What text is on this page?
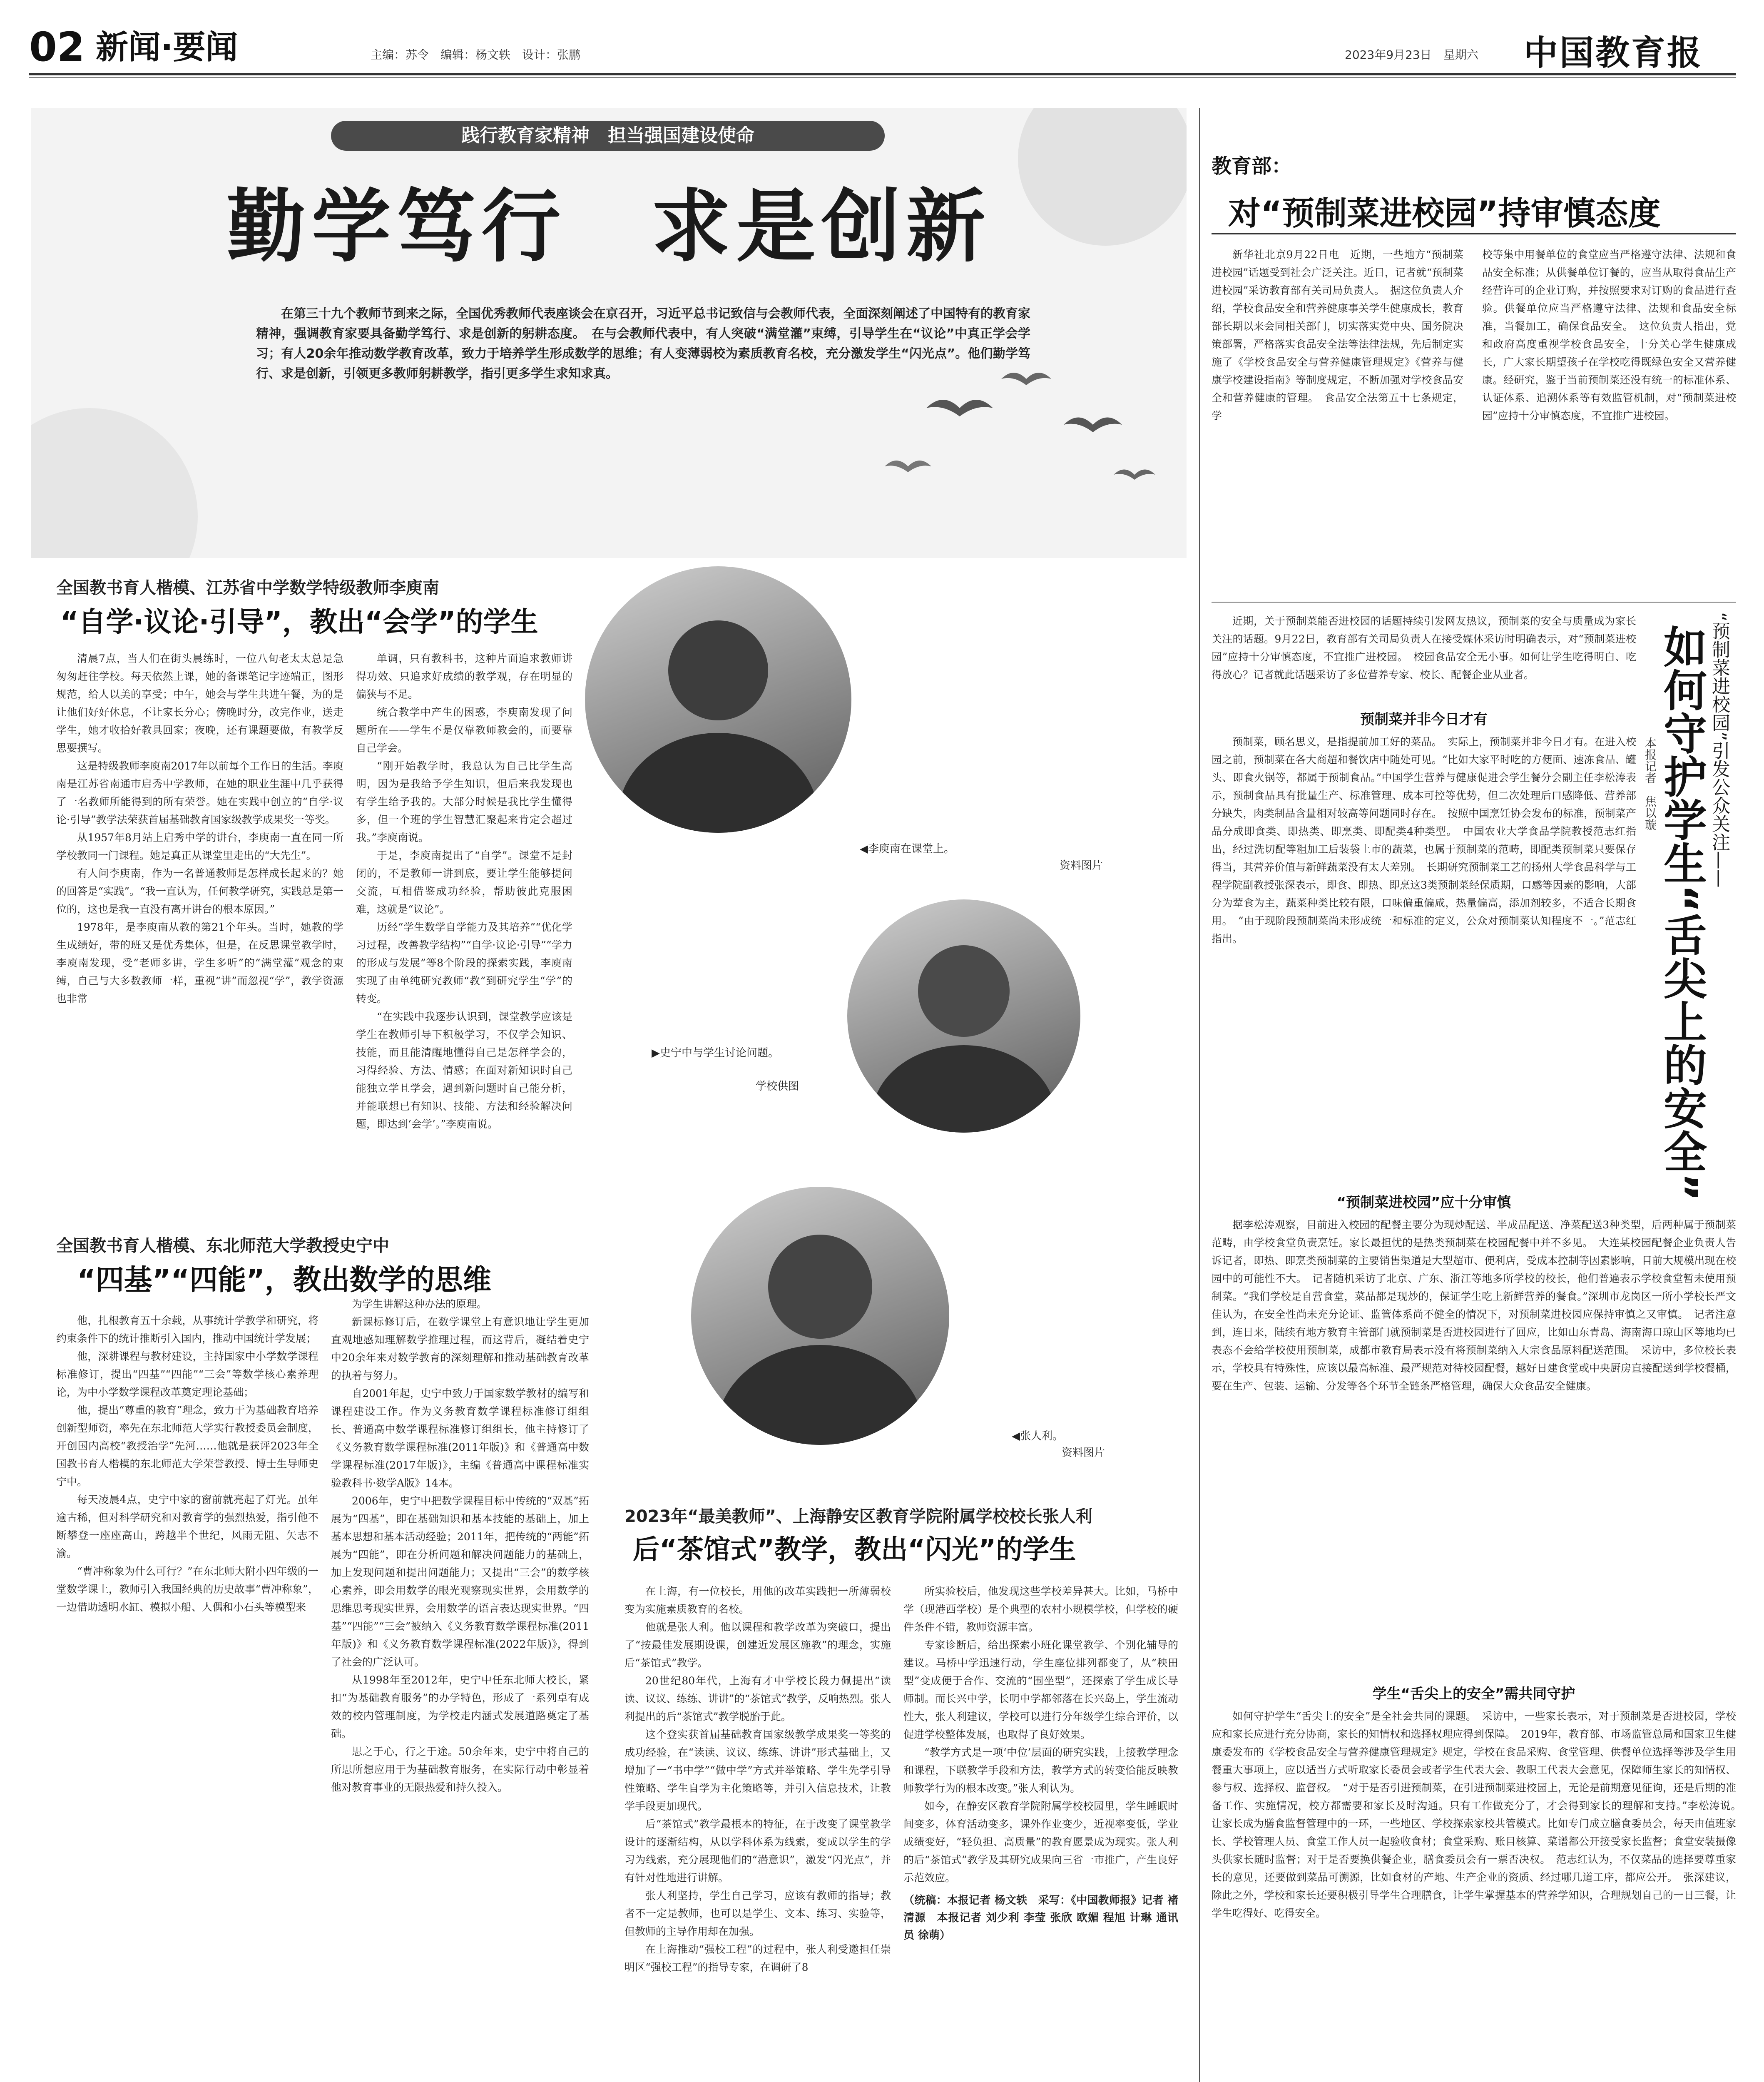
02 新闻·要闻	主编：苏令　编辑：杨文轶　设计：张鹏	2023年9月23日　星期六 中国教育报
践行教育家精神　担当强国建设使命
勤学笃行　求是创新
在第三十九个教师节到来之际，全国优秀教师代表座谈会在京召开，习近平总书记致信与会教师代表，全面深刻阐述了中国特有的教育家精神，强调教育家要具备勤学笃行、求是创新的躬耕态度。　在与会教师代表中，有人突破“满堂灌”束缚，引导学生在“议论”中真正学会学习；有人20余年推动数学教育改革，致力于培养学生形成数学的思维；有人变薄弱校为素质教育名校，充分激发学生“闪光点”。他们勤学笃行、求是创新，引领更多教师躬耕教学，指引更多学生求知求真。
全国教书育人楷模、江苏省中学数学特级教师李庾南
“自学·议论·引导”，教出“会学”的学生

清晨7点，当人们在街头晨练时，一位八旬老太太总是急匆匆赶往学校。每天依然上课，她的备课笔记字迹端正，图形规范，给人以美的享受；中午，她会与学生共进午餐，为的是让他们好好休息，不让家长分心；傍晚时分，改完作业，送走学生，她才收拾好教具回家；夜晚，还有课题要做，有教学反思要撰写。

这是特级教师李庾南2017年以前每个工作日的生活。李庾南是江苏省南通市启秀中学教师，在她的职业生涯中几乎获得了一名教师所能得到的所有荣誉。她在实践中创立的“自学·议论·引导”教学法荣获首届基础教育国家级教学成果奖一等奖。

从1957年8月站上启秀中学的讲台，李庾南一直在同一所学校教同一门课程。她是真正从课堂里走出的“大先生”。

有人问李庾南，作为一名普通教师是怎样成长起来的？她的回答是“实践”。“我一直认为，任何教学研究，实践总是第一位的，这也是我一直没有离开讲台的根本原因。”

1978年，是李庾南从教的第21个年头。当时，她教的学生成绩好，带的班又是优秀集体，但是，在反思课堂教学时，李庾南发现，受“老师多讲，学生多听”的“满堂灌”观念的束缚，自己与大多数教师一样，重视“讲”而忽视“学”，教学资源也非常

单调，只有教科书，这种片面追求教师讲得功效、只追求好成绩的教学观，存在明显的偏狭与不足。

统合教学中产生的困惑，李庾南发现了问题所在——学生不是仅靠教师教会的，而要靠自己学会。

“刚开始教学时，我总认为自己比学生高明，因为是我给予学生知识，但后来我发现也有学生给予我的。大部分时候是我比学生懂得多，但一个班的学生智慧汇聚起来肯定会超过我。”李庾南说。

于是，李庾南提出了“自学”。课堂不是封闭的，不是教师一讲到底，要让学生能够提问交流，互相借鉴成功经验，帮助彼此克服困难，这就是“议论”。

历经“学生数学自学能力及其培养”“优化学习过程，改善教学结构”“自学·议论·引导”“学力的形成与发展”等8个阶段的探索实践，李庾南实现了由单纯研究教师“教”到研究学生“学”的转变。

“在实践中我逐步认识到，课堂教学应该是学生在教师引导下积极学习，不仅学会知识、技能，而且能清醒地懂得自己是怎样学会的，习得经验、方法、情感；在面对新知识时自己能独立学且学会，遇到新问题时自己能分析，并能联想已有知识、技能、方法和经验解决问题，即达到‘会学’。”李庾南说。

◀李庾南在课堂上。
资料图片
▶史宁中与学生讨论问题。
学校供图
全国教书育人楷模、东北师范大学教授史宁中
“四基”“四能”，教出数学的思维

他，扎根教育五十余载，从事统计学教学和研究，将约束条件下的统计推断引入国内，推动中国统计学发展；

他，深耕课程与教材建设，主持国家中小学数学课程标准修订，提出“四基”“四能”“三会”等数学核心素养理论，为中小学数学课程改革奠定理论基础；

他，提出“尊重的教育”理念，致力于为基础教育培养创新型师资，率先在东北师范大学实行教授委员会制度，开创国内高校“教授治学”先河……他就是获评2023年全国教书育人楷模的东北师范大学荣誉教授、博士生导师史宁中。

每天凌晨4点，史宁中家的窗前就亮起了灯光。虽年逾古稀，但对科学研究和对教育学的强烈热爱，指引他不断攀登一座座高山，跨越半个世纪，风雨无阻、矢志不渝。

“曹冲称象为什么可行？”在东北师大附小四年级的一堂数学课上，教师引入我国经典的历史故事“曹冲称象”，一边借助透明水缸、模拟小船、人偶和小石头等模型来

为学生讲解这种办法的原理。

新课标修订后，在数学课堂上有意识地让学生更加直观地感知理解数学推理过程，而这背后，凝结着史宁中20余年来对数学教育的深刻理解和推动基础教育改革的执着与努力。

自2001年起，史宁中致力于国家数学教材的编写和课程建设工作。作为义务教育数学课程标准修订组组长、普通高中数学课程标准修订组组长，他主持修订了《义务教育数学课程标准(2011年版)》和《普通高中数学课程标准(2017年版)》，主编《普通高中课程标准实验教科书·数学A版》14本。

2006年，史宁中把数学课程目标中传统的“双基”拓展为“四基”，即在基础知识和基本技能的基础上，加上基本思想和基本活动经验；2011年，把传统的“两能”拓展为“四能”，即在分析问题和解决问题能力的基础上，加上发现问题和提出问题能力；又提出“三会”的数学核心素养，即会用数学的眼光观察现实世界，会用数学的思维思考现实世界，会用数学的语言表达现实世界。“四基”“四能”“三会”被纳入《义务教育数学课程标准(2011年版)》和《义务教育数学课程标准(2022年版)》，得到了社会的广泛认可。

从1998年至2012年，史宁中任东北师大校长，紧扣“为基础教育服务”的办学特色，形成了一系列卓有成效的校内管理制度，为学校走内涵式发展道路奠定了基础。

思之于心，行之于途。50余年来，史宁中将自己的所思所想应用于为基础教育服务，在实际行动中彰显着他对教育事业的无限热爱和持久投入。

◀张人利。
资料图片
2023年“最美教师”、上海静安区教育学院附属学校校长张人利
后“茶馆式”教学，教出“闪光”的学生

在上海，有一位校长，用他的改革实践把一所薄弱校变为实施素质教育的名校。

他就是张人利。他以课程和教学改革为突破口，提出了“按最佳发展期设课，创建近发展区施教”的理念，实施后“茶馆式”教学。

20世纪80年代，上海有才中学校长段力佩提出“读读、议议、练练、讲讲”的“茶馆式”教学，反响热烈。张人利提出的后“茶馆式”教学脱胎于此。

这个登实获首届基础教育国家级教学成果奖一等奖的成功经验，在“读读、议议、练练、讲讲”形式基础上，又增加了一“书中学”“做中学”方式并举策略、学生先学引导性策略、学生自学为主化策略等，并引入信息技术，让教学手段更加现代。

后“茶馆式”教学最根本的特征，在于改变了课堂教学设计的逐渐结构，从以学科体系为线索，变成以学生的学习为线索，充分展现他们的“潜意识”，激发“闪光点”，并有针对性地进行讲解。

张人利坚持，学生自己学习，应该有教师的指导；教者不一定是教师，也可以是学生、文本、练习、实验等，但教师的主导作用却在加强。

在上海推动“强校工程”的过程中，张人利受邀担任崇明区“强校工程”的指导专家，在调研了8

所实验校后，他发现这些学校差异甚大。比如，马桥中学（现港西学校）是个典型的农村小规模学校，但学校的硬件条件不错，教师资源丰富。

专家诊断后，给出探索小班化课堂教学、个别化辅导的建议。马桥中学迅速行动，学生座位排列都变了，从“秧田型”变成便于合作、交流的“围坐型”，还探索了学生成长导师制。而长兴中学，长明中学都邻落在长兴岛上，学生流动性大，张人利建议，学校可以进行分年级学生综合评价，以促进学校整体发展，也取得了良好效果。

“教学方式是一项‘中位’层面的研究实践，上接教学理念和课程，下联教学手段和方法，教学方式的转变恰能反映教师教学行为的根本改变。”张人利认为。

如今，在静安区教育学院附属学校校园里，学生睡眠时间变多，体育活动变多，课外作业变少，近视率变低，学业成绩变好，“轻负担、高质量”的教育愿景成为现实。张人利的后“茶馆式”教学及其研究成果向三省一市推广，产生良好示范效应。

（统稿：本报记者 杨文轶　采写：《中国教师报》记者 褚清源　本报记者 刘少利 李莹 张欣 欧媚 程旭 计琳 通讯员 徐萌）
教育部：
对“预制菜进校园”持审慎态度
新华社北京9月22日电　近期，一些地方“预制菜进校园”话题受到社会广泛关注。近日，记者就“预制菜进校园”采访教育部有关司局负责人。　据这位负责人介绍，学校食品安全和营养健康事关学生健康成长，教育部长期以来会同相关部门，切实落实党中央、国务院决策部署，严格落实食品安全法等法律法规，先后制定实施了《学校食品安全与营养健康管理规定》《营养与健康学校建设指南》等制度规定，不断加强对学校食品安全和营养健康的管理。　食品安全法第五十七条规定，学
校等集中用餐单位的食堂应当严格遵守法律、法规和食品安全标准；从供餐单位订餐的，应当从取得食品生产经营许可的企业订购，并按照要求对订购的食品进行查验。供餐单位应当严格遵守法律、法规和食品安全标准，当餐加工，确保食品安全。　这位负责人指出，党和政府高度重视学校食品安全，十分关心学生健康成长，广大家长期望孩子在学校吃得既绿色安全又营养健康。经研究，鉴于当前预制菜还没有统一的标准体系、认证体系、追溯体系等有效监管机制，对“预制菜进校园”应持十分审慎态度，不宜推广进校园。
“预制菜进校园”引发公众关注——
如何守护学生“舌尖上的安全”
本报记者　焦以璇
近期，关于预制菜能否进校园的话题持续引发网友热议，预制菜的安全与质量成为家长关注的话题。9月22日，教育部有关司局负责人在接受媒体采访时明确表示，对“预制菜进校园”应持十分审慎态度，不宜推广进校园。　校园食品安全无小事。如何让学生吃得明白、吃得放心？记者就此话题采访了多位营养专家、校长、配餐企业从业者。
预制菜并非今日才有
预制菜，顾名思义，是指提前加工好的菜品。　实际上，预制菜并非今日才有。在进入校园之前，预制菜在各大商超和餐饮店中随处可见。“比如大家平时吃的方便面、速冻食品、罐头、即食火锅等，都属于预制食品。”中国学生营养与健康促进会学生餐分会副主任李松涛表示，预制食品具有批量生产、标准管理、成本可控等优势，但二次处理后口感降低、营养部分缺失，肉类制品含量相对较高等问题同时存在。　按照中国烹饪协会发布的标准，预制菜产品分成即食类、即热类、即烹类、即配类4种类型。　中国农业大学食品学院教授范志红指出，经过洗切配等粗加工后装袋上市的蔬菜，也属于预制菜的范畴，即配类预制菜只要保存得当，其营养价值与新鲜蔬菜没有太大差别。　长期研究预制菜工艺的扬州大学食品科学与工程学院副教授张深表示，即食、即热、即烹这3类预制菜经保质期，口感等因素的影响，大部分为荤食为主，蔬菜种类比较有限，口味偏重偏咸，热量偏高，添加剂较多，不适合长期食用。　“由于现阶段预制菜尚未形成统一和标准的定义，公众对预制菜认知程度不一。”范志红指出。
“预制菜进校园”应十分审慎
据李松涛观察，目前进入校园的配餐主要分为现炒配送、半成品配送、净菜配送3种类型，后两种属于预制菜范畴，由学校食堂负责烹饪。家长最担忧的是热类预制菜在校园配餐中并不多见。　大连某校园配餐企业负责人告诉记者，即热、即烹类预制菜的主要销售渠道是大型超市、便利店，受成本控制等因素影响，目前大规模出现在校园中的可能性不大。　记者随机采访了北京、广东、浙江等地多所学校的校长，他们普遍表示学校食堂暂未使用预制菜。“我们学校是自营食堂，菜品都是现炒的，保证学生吃上新鲜营养的餐食。”深圳市龙岗区一所小学校长严文佳认为，在安全性尚未充分论证、监管体系尚不健全的情况下，对预制菜进校园应保持审慎之又审慎。　记者注意到，连日来，陆续有地方教育主管部门就预制菜是否进校园进行了回应，比如山东青岛、海南海口琼山区等地均已表态不会给学校使用预制菜，成都市教育局表示没有将预制菜纳入大宗食品原料配送范围。　采访中，多位校长表示，学校具有特殊性，应该以最高标准、最严规范对待校园配餐，越好日建食堂或中央厨房直接配送到学校餐桶，要在生产、包装、运输、分发等各个环节全链条严格管理，确保大众食品安全健康。
学生“舌尖上的安全”需共同守护
如何守护学生“舌尖上的安全”是全社会共同的课题。　采访中，一些家长表示，对于预制菜是否进校园，学校应和家长应进行充分协商，家长的知情权和选择权理应得到保障。　2019年，教育部、市场监管总局和国家卫生健康委发布的《学校食品安全与营养健康管理规定》规定，学校在食品采购、食堂管理、供餐单位选择等涉及学生用餐重大事项上，应以适当方式听取家长委员会或者学生代表大会、教职工代表大会意见，保障师生家长的知情权、参与权、选择权、监督权。　“对于是否引进预制菜，在引进预制菜进校园上，无论是前期意见征询，还是后期的准备工作、实施情况，校方都需要和家长及时沟通。只有工作做充分了，才会得到家长的理解和支持。”李松涛说。　让家长成为膳食监督管理中的一环，一些地区、学校探索家校共管模式。比如专门成立膳食委员会，每天由值班家长、学校管理人员、食堂工作人员一起验收食材；食堂采购、账目核算、菜谱都公开接受家长监督；食堂安装摄像头供家长随时监督；对于是否要换供餐企业，膳食委员会有一票否决权。　范志红认为，不仅菜品的选择要尊重家长的意见，还要做到菜品可溯源，比如食材的产地、生产企业的资质、经过哪几道工序，都应公开。　张深建议，除此之外，学校和家长还要积极引导学生合理膳食，让学生掌握基本的营养学知识，合理规划自己的一日三餐，让学生吃得好、吃得安全。
